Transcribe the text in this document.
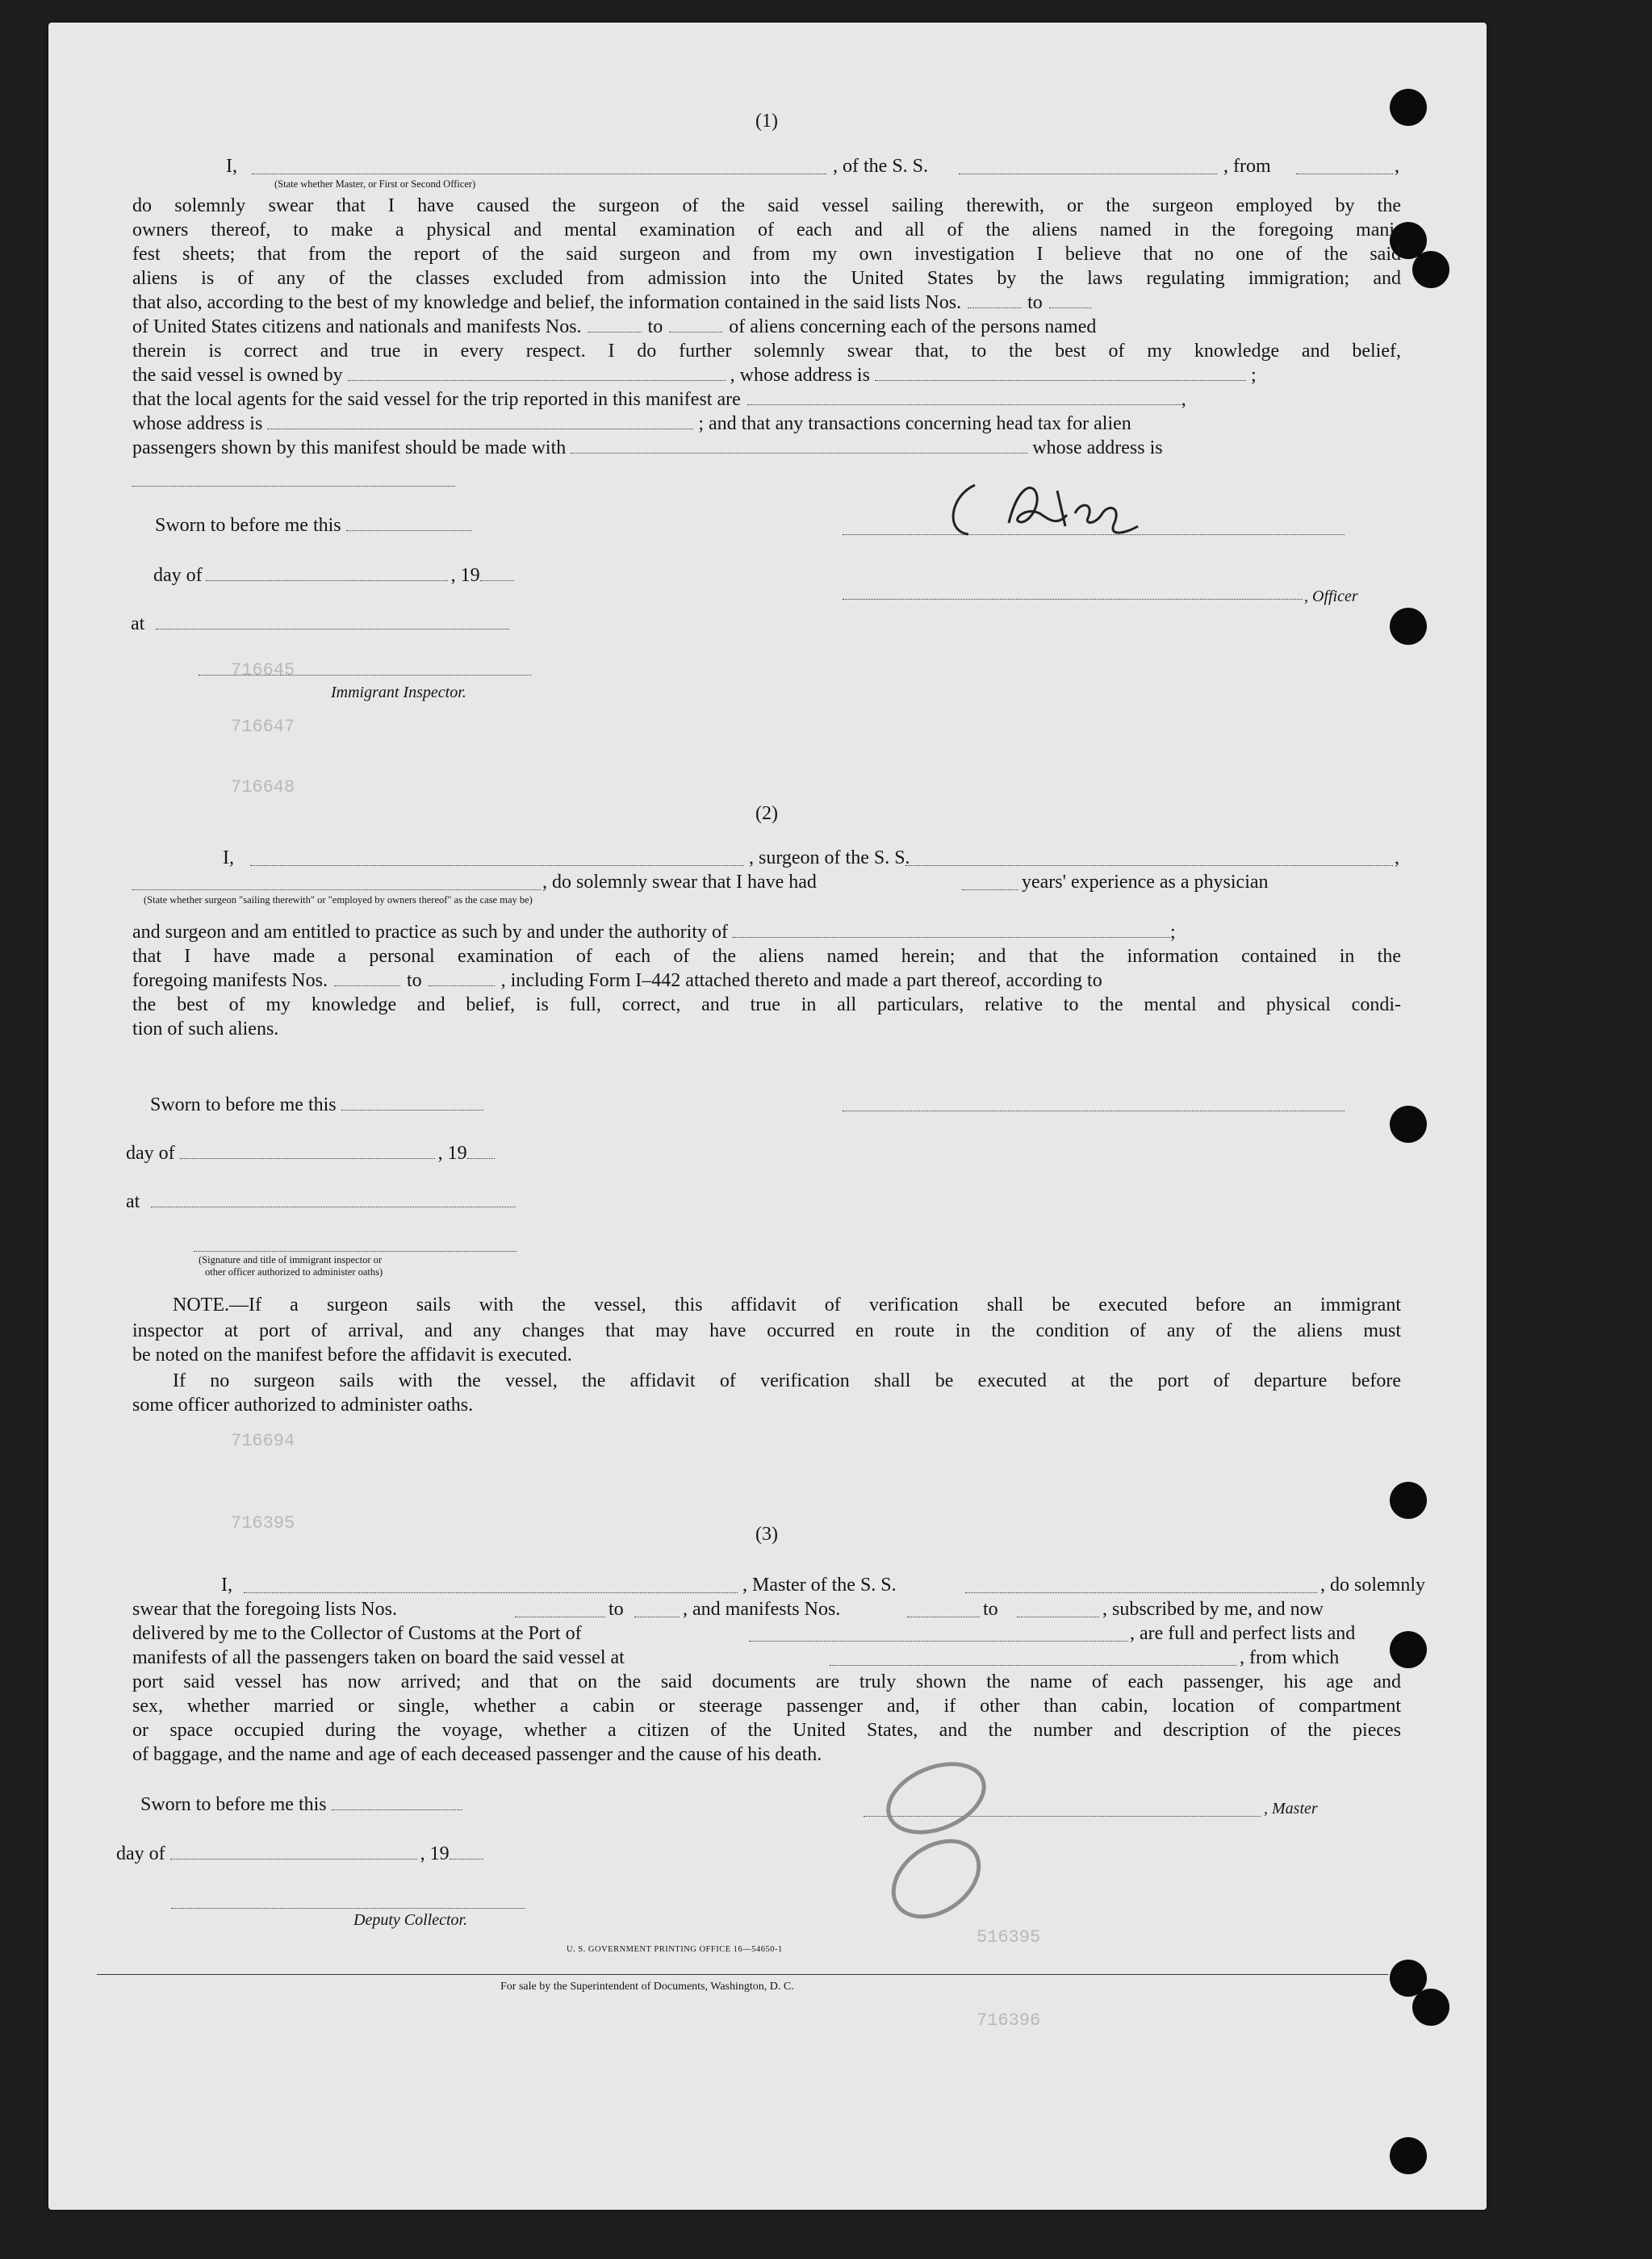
716645
716647
716648
716694
716395
516395
716396
(1)
I,	, of the S. S.	, from	,
(State whether Master, or First or Second Officer)
do solemnly swear that I have caused the surgeon of the said vessel sailing therewith, or the surgeon employed by the
owners thereof, to make a physical and mental examination of each and all of the aliens named in the foregoing mani-
fest sheets; that from the report of the said surgeon and from my own investigation I believe that no one of the said
aliens is of any of the classes excluded from admission into the United States by the laws regulating immigration; and
that also, according to the best of my knowledge and belief, the information contained in the said lists Nos.	to
of United States citizens and nationals and manifests Nos.	to	of aliens concerning each of the persons named
therein is correct and true in every respect. I do further solemnly swear that, to the best of my knowledge and belief,
the said vessel is owned by	, whose address is	;
that the local agents for the said vessel for the trip reported in this manifest are	,
whose address is	; and that any transactions concerning head tax for alien
passengers shown by this manifest should be made with	whose address is
, Officer
Sworn to before me this
day of	, 19
at
Immigrant Inspector.
(2)
I,	, surgeon of the S. S.	,
, do solemnly swear that I have had	years' experience as a physician
(State whether surgeon "sailing therewith" or "employed by owners thereof" as the case may be)
and surgeon and am entitled to practice as such by and under the authority of	;
that I have made a personal examination of each of the aliens named herein; and that the information contained in the
foregoing manifests Nos.	to	, including Form I–442 attached thereto and made a part thereof, according to
the best of my knowledge and belief, is full, correct, and true in all particulars, relative to the mental and physical condi-
tion of such aliens.
Sworn to before me this
day of	, 19
at
(Signature and title of immigrant inspector or
other officer authorized to administer oaths)
NOTE.—If a surgeon sails with the vessel, this affidavit of verification shall be executed before an immigrant
inspector at port of arrival, and any changes that may have occurred en route in the condition of any of the aliens must
be noted on the manifest before the affidavit is executed.
If no surgeon sails with the vessel, the affidavit of verification shall be executed at the port of departure before
some officer authorized to administer oaths.
(3)
I,	, Master of the S. S.	, do solemnly
swear that the foregoing lists Nos.	to	, and manifests Nos.	to	, subscribed by me, and now
delivered by me to the Collector of Customs at the Port of	, are full and perfect lists and
manifests of all the passengers taken on board the said vessel at	, from which
port said vessel has now arrived; and that on the said documents are truly shown the name of each passenger, his age and
sex, whether married or single, whether a cabin or steerage passenger and, if other than cabin, location of compartment
or space occupied during the voyage, whether a citizen of the United States, and the number and description of the pieces
of baggage, and the name and age of each deceased passenger and the cause of his death.
Sworn to before me this	, Master
day of	, 19
Deputy Collector.
U. S. GOVERNMENT PRINTING OFFICE 16—54650-1
For sale by the Superintendent of Documents, Washington, D. C.
